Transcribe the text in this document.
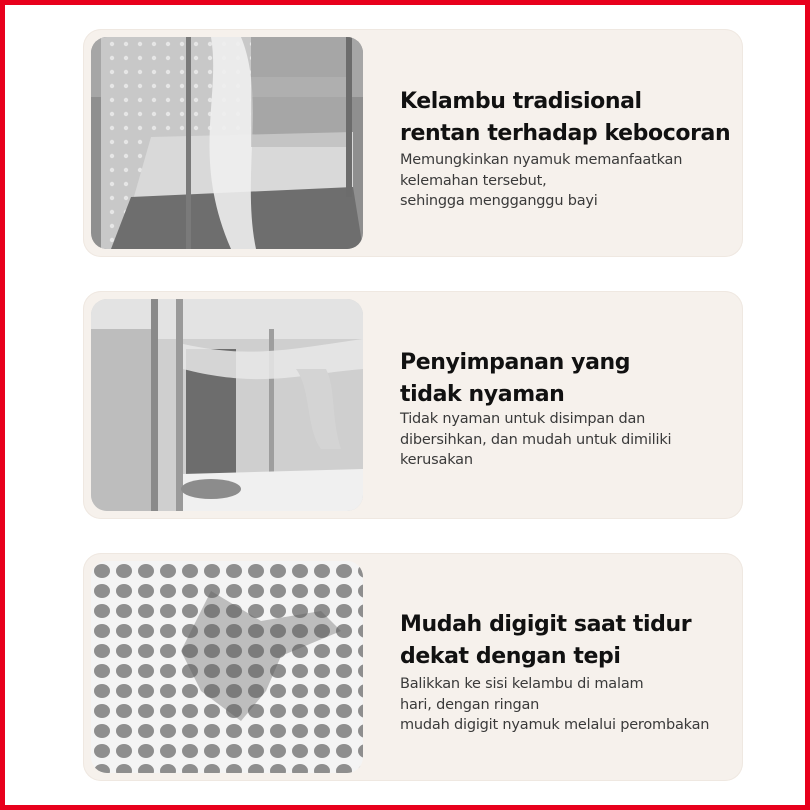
Kelambu tradisional
rentan terhadap kebocoran
Memungkinkan nyamuk memanfaatkan
kelemahan tersebut,
sehingga mengganggu bayi
Penyimpanan yang
tidak nyaman
Tidak nyaman untuk disimpan dan
dibersihkan, dan mudah untuk dimiliki
kerusakan
Mudah digigit saat tidur
dekat dengan tepi
Balikkan ke sisi kelambu di malam
hari, dengan ringan
mudah digigit nyamuk melalui perombakan
